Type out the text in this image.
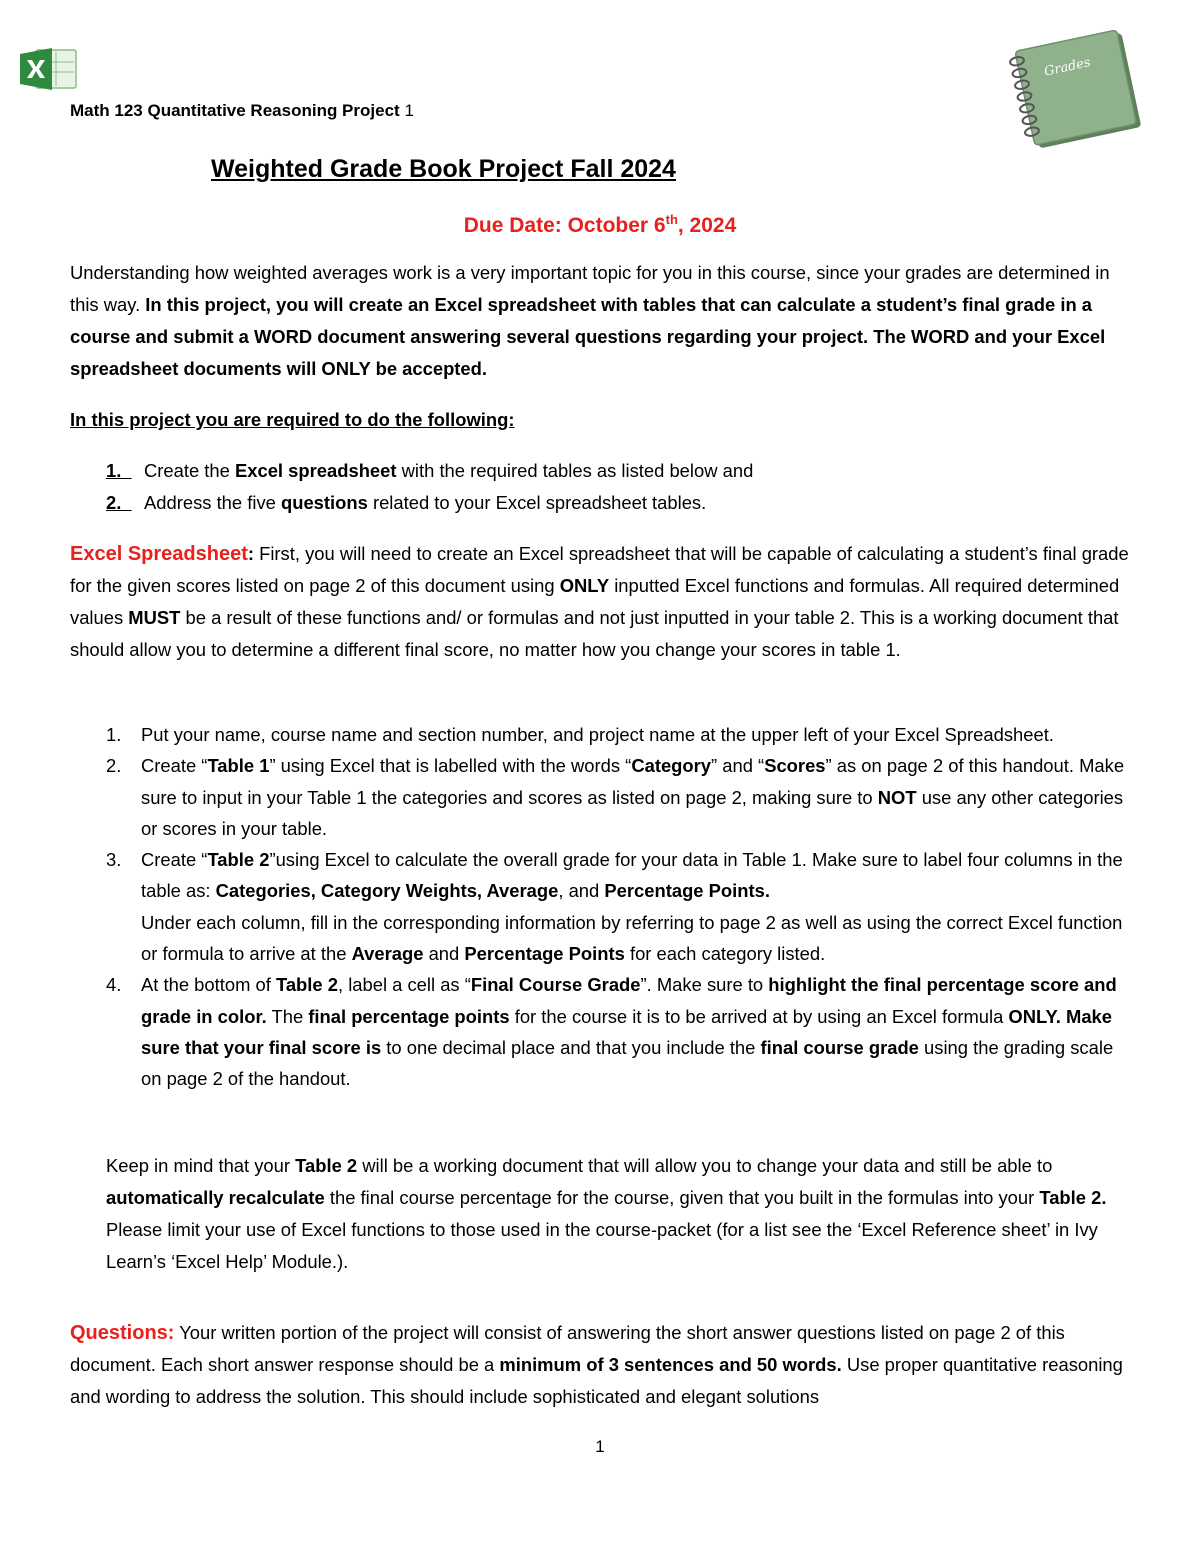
Grades
Math 123 Quantitative Reasoning Project 1
Weighted Grade Book Project Fall 2024
Due Date: October 6th, 2024
Understanding how weighted averages work is a very important topic for you in this course, since your grades are determined in this way. In this project, you will create an Excel spreadsheet with tables that can calculate a student’s final grade in a course and submit a WORD document answering several questions regarding your project. The WORD and your Excel spreadsheet documents will ONLY be accepted.
In this project you are required to do the following:
1.  Create the Excel spreadsheet with the required tables as listed below and
2.  Address the five questions related to your Excel spreadsheet tables.
Excel Spreadsheet: First, you will need to create an Excel spreadsheet that will be capable of calculating a student’s final grade for the given scores listed on page 2 of this document using ONLY inputted Excel functions and formulas. All required determined values MUST be a result of these functions and/ or formulas and not just inputted in your table 2. This is a working document that should allow you to determine a different final score, no matter how you change your scores in table 1.
1. Put your name, course name and section number, and project name at the upper left of your Excel Spreadsheet.
2. Create “Table 1” using Excel that is labelled with the words “Category” and “Scores” as on page 2 of this handout. Make sure to input in your Table 1 the categories and scores as listed on page 2, making sure to NOT use any other categories or scores in your table.
3. Create “Table 2”using Excel to calculate the overall grade for your data in Table 1. Make sure to label four columns in the table as: Categories, Category Weights, Average, and Percentage Points.
Under each column, fill in the corresponding information by referring to page 2 as well as using the correct Excel function or formula to arrive at the Average and Percentage Points for each category listed.
4. At the bottom of Table 2, label a cell as “Final Course Grade”. Make sure to highlight the final percentage score and grade in color. The final percentage points for the course it is to be arrived at by using an Excel formula ONLY. Make sure that your final score is to one decimal place and that you include the final course grade using the grading scale on page 2 of the handout.
Keep in mind that your Table 2 will be a working document that will allow you to change your data and still be able to automatically recalculate the final course percentage for the course, given that you built in the formulas into your Table 2. Please limit your use of Excel functions to those used in the course-packet (for a list see the ‘Excel Reference sheet’ in Ivy Learn’s ‘Excel Help’ Module.).
Questions: Your written portion of the project will consist of answering the short answer questions listed on page 2 of this document. Each short answer response should be a minimum of 3 sentences and 50 words. Use proper quantitative reasoning and wording to address the solution. This should include sophisticated and elegant solutions
1
